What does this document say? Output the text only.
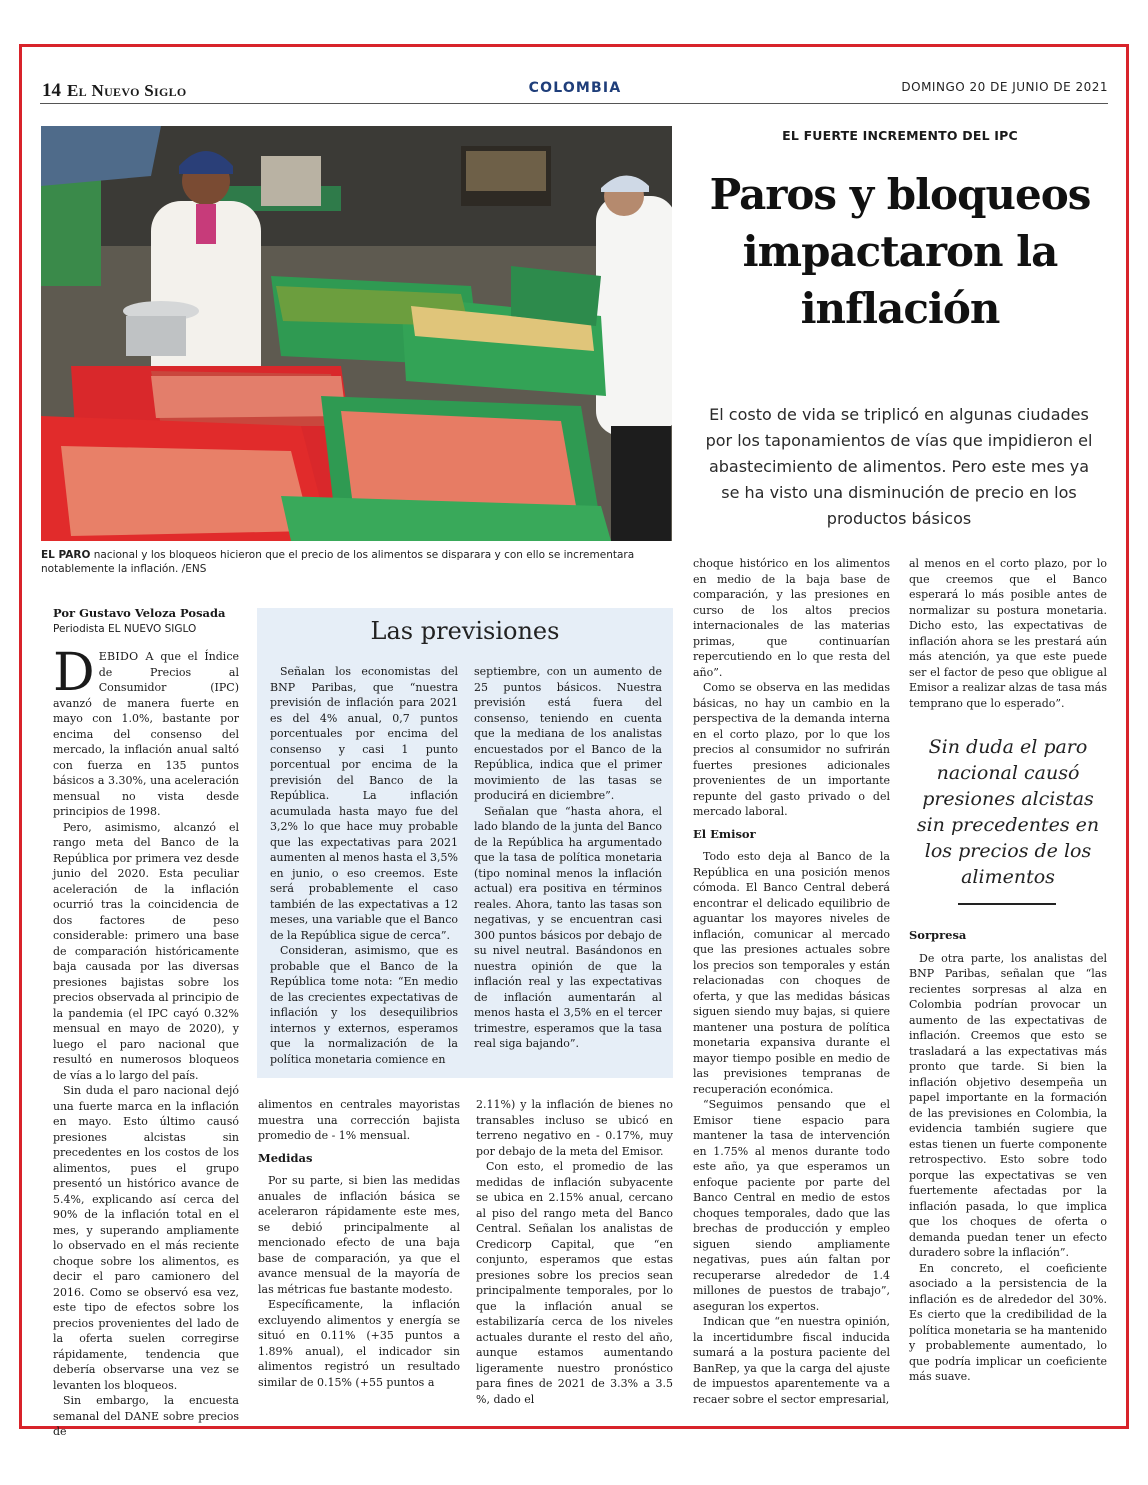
14 El Nuevo Siglo	COLOMBIA	DOMINGO 20 DE JUNIO DE 2021
EL PARO nacional y los bloqueos hicieron que el precio de los alimentos se disparara y con ello se incrementara notablemente la inflación. /ENS
EL FUERTE INCREMENTO DEL IPC
Paros y bloqueos impactaron la inflación
El costo de vida se triplicó en algunas ciudades por los taponamientos de vías que impidieron el abastecimiento de alimentos. Pero este mes ya se ha visto una disminución de precio en los productos básicos
Por Gustavo Veloza Posada
Periodista EL NUEVO SIGLO

DEBIDO A que el Índice de Precios al Consumidor (IPC) avanzó de manera fuerte en mayo con 1.0%, bastante por encima del consenso del mercado, la inflación anual saltó con fuerza en 135 puntos básicos a 3.30%, una aceleración mensual no vista desde principios de 1998.

Pero, asimismo, alcanzó el rango meta del Banco de la República por primera vez desde junio del 2020. Esta peculiar aceleración de la inflación ocurrió tras la coincidencia de dos factores de peso considerable: primero una base de comparación históricamente baja causada por las diversas presiones bajistas sobre los precios observada al principio de la pandemia (el IPC cayó 0.32% mensual en mayo de 2020), y luego el paro nacional que resultó en numerosos bloqueos de vías a lo largo del país.

Sin duda el paro nacional dejó una fuerte marca en la inflación en mayo. Esto último causó presiones alcistas sin precedentes en los costos de los alimentos, pues el grupo presentó un histórico avance de 5.4%, explicando así cerca del 90% de la inflación total en el mes, y superando ampliamente lo observado en el más reciente choque sobre los alimentos, es decir el paro camionero del 2016. Como se observó esa vez, este tipo de efectos sobre los precios provenientes del lado de la oferta suelen corregirse rápidamente, tendencia que debería observarse una vez se levanten los bloqueos.

Sin embargo, la encuesta semanal del DANE sobre precios de

Las previsiones

Señalan los economistas del BNP Paribas, que “nuestra previsión de inflación para 2021 es del 4% anual, 0,7 puntos porcentuales por encima del consenso y casi 1 punto porcentual por encima de la previsión del Banco de la República. La inflación acumulada hasta mayo fue del 3,2% lo que hace muy probable que las expectativas para 2021 aumenten al menos hasta el 3,5% en junio, o eso creemos. Este será probablemente el caso también de las expectativas a 12 meses, una variable que el Banco de la República sigue de cerca”.

Consideran, asimismo, que es probable que el Banco de la República tome nota: “En medio de las crecientes expectativas de inflación y los desequilibrios internos y externos, esperamos que la normalización de la política monetaria comience en

septiembre, con un aumento de 25 puntos básicos. Nuestra previsión está fuera del consenso, teniendo en cuenta que la mediana de los analistas encuestados por el Banco de la República, indica que el primer movimiento de las tasas se producirá en diciembre”.

Señalan que “hasta ahora, el lado blando de la junta del Banco de la República ha argumentado que la tasa de política monetaria (tipo nominal menos la inflación actual) era positiva en términos reales. Ahora, tanto las tasas son negativas, y se encuentran casi 300 puntos básicos por debajo de su nivel neutral. Basándonos en nuestra opinión de que la inflación real y las expectativas de inflación aumentarán al menos hasta el 3,5% en el tercer trimestre, esperamos que la tasa real siga bajando”.

alimentos en centrales mayoristas muestra una corrección bajista promedio de - 1% mensual.

Medidas

Por su parte, si bien las medidas anuales de inflación básica se aceleraron rápidamente este mes, se debió principalmente al mencionado efecto de una baja base de comparación, ya que el avance mensual de la mayoría de las métricas fue bastante modesto.

Específicamente, la inflación excluyendo alimentos y energía se situó en 0.11% (+35 puntos a 1.89% anual), el indicador sin alimentos registró un resultado similar de 0.15% (+55 puntos a

2.11%) y la inflación de bienes no transables incluso se ubicó en terreno negativo en - 0.17%, muy por debajo de la meta del Emisor.

Con esto, el promedio de las medidas de inflación subyacente se ubica en 2.15% anual, cercano al piso del rango meta del Banco Central. Señalan los analistas de Credicorp Capital, que “en conjunto, esperamos que estas presiones sobre los precios sean principalmente temporales, por lo que la inflación anual se estabilizaría cerca de los niveles actuales durante el resto del año, aunque estamos aumentando ligeramente nuestro pronóstico para fines de 2021 de 3.3% a 3.5 %, dado el

choque histórico en los alimentos en medio de la baja base de comparación, y las presiones en curso de los altos precios internacionales de las materias primas, que continuarían repercutiendo en lo que resta del año”.

Como se observa en las medidas básicas, no hay un cambio en la perspectiva de la demanda interna en el corto plazo, por lo que los precios al consumidor no sufrirán fuertes presiones adicionales provenientes de un importante repunte del gasto privado o del mercado laboral.

El Emisor

Todo esto deja al Banco de la República en una posición menos cómoda. El Banco Central deberá encontrar el delicado equilibrio de aguantar los mayores niveles de inflación, comunicar al mercado que las presiones actuales sobre los precios son temporales y están relacionadas con choques de oferta, y que las medidas básicas siguen siendo muy bajas, si quiere mantener una postura de política monetaria expansiva durante el mayor tiempo posible en medio de las previsiones tempranas de recuperación económica.

“Seguimos pensando que el Emisor tiene espacio para mantener la tasa de intervención en 1.75% al menos durante todo este año, ya que esperamos un enfoque paciente por parte del Banco Central en medio de estos choques temporales, dado que las brechas de producción y empleo siguen siendo ampliamente negativas, pues aún faltan por recuperarse alrededor de 1.4 millones de puestos de trabajo”, aseguran los expertos.

Indican que “en nuestra opinión, la incertidumbre fiscal inducida sumará a la postura paciente del BanRep, ya que la carga del ajuste de impuestos aparentemente va a recaer sobre el sector empresarial,

al menos en el corto plazo, por lo que creemos que el Banco esperará lo más posible antes de normalizar su postura monetaria. Dicho esto, las expectativas de inflación ahora se les prestará aún más atención, ya que este puede ser el factor de peso que obligue al Emisor a realizar alzas de tasa más temprano que lo esperado”.

Sin duda el paro nacional causó presiones alcistas sin precedentes en los precios de los alimentos
Sorpresa

De otra parte, los analistas del BNP Paribas, señalan que “las recientes sorpresas al alza en Colombia podrían provocar un aumento de las expectativas de inflación. Creemos que esto se trasladará a las expectativas más pronto que tarde. Si bien la inflación objetivo desempeña un papel importante en la formación de las previsiones en Colombia, la evidencia también sugiere que estas tienen un fuerte componente retrospectivo. Esto sobre todo porque las expectativas se ven fuertemente afectadas por la inflación pasada, lo que implica que los choques de oferta o demanda puedan tener un efecto duradero sobre la inflación”.

En concreto, el coeficiente asociado a la persistencia de la inflación es de alrededor del 30%. Es cierto que la credibilidad de la política monetaria se ha mantenido y probablemente aumentado, lo que podría implicar un coeficiente más suave.
